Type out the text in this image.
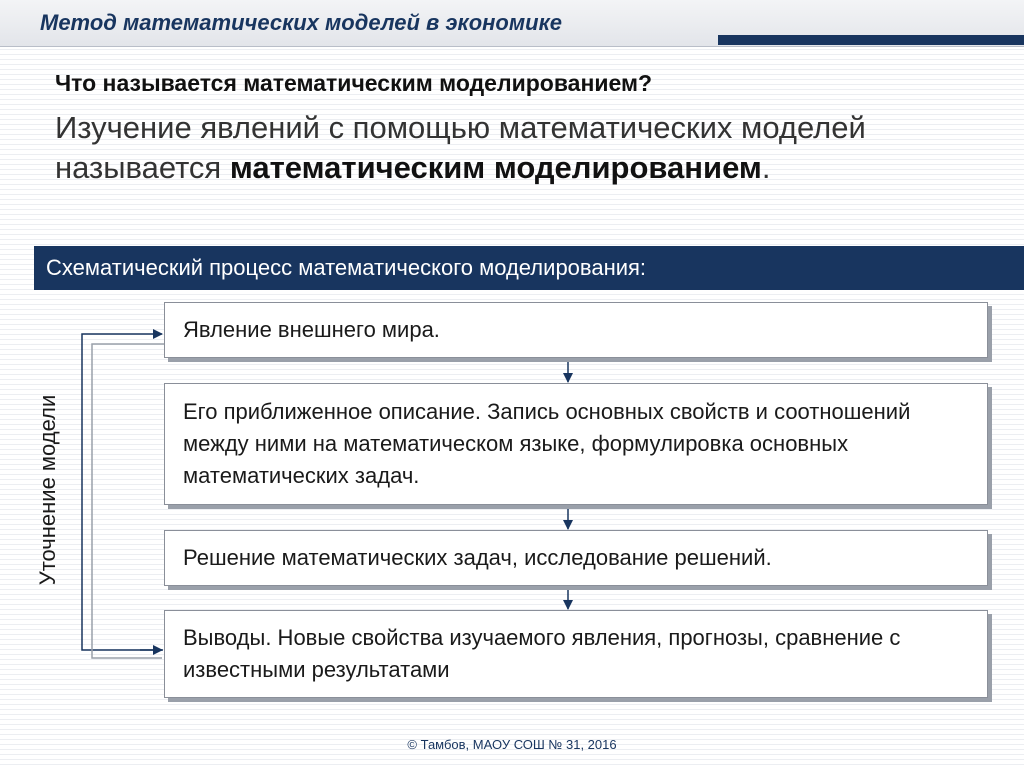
Метод математических моделей в экономике
Что называется математическим моделированием?
Изучение явлений с помощью математических моделей называется математическим моделированием.
Схематический процесс математического моделирования:
Уточнение модели
Явление внешнего мира.
Его приближенное описание. Запись основных свойств и соотношений между ними на математическом языке, формулировка основных математических задач.
Решение математических задач, исследование решений.
Выводы. Новые свойства изучаемого явления, прогнозы, сравнение с известными результатами
© Тамбов, МАОУ СОШ № 31, 2016
